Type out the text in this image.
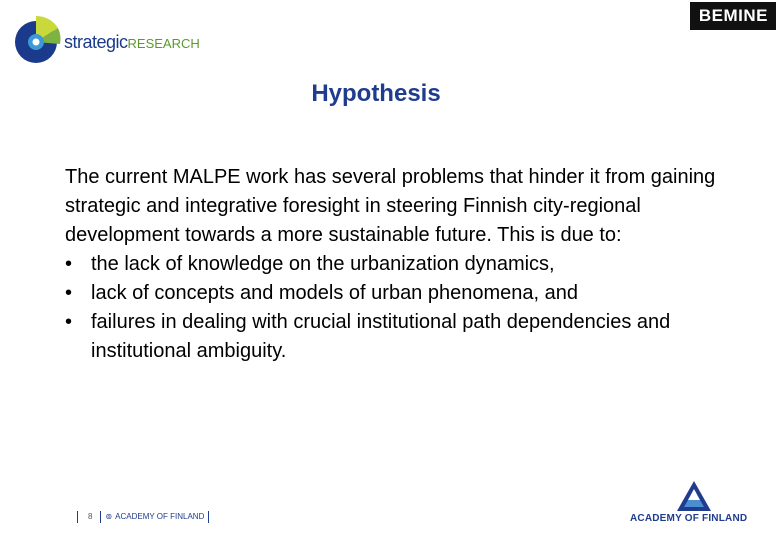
strategicRESEARCH
BEMINE
Hypothesis

The current MALPE work has several problems that hinder it from gaining strategic and integrative foresight in steering Finnish city-regional development towards a more sustainable future. This is due to:

• the lack of knowledge on the urbanization dynamics,
• lack of concepts and models of urban phenomena, and
• failures in dealing with crucial institutional path dependencies and institutional ambiguity.
8	⊚ ACADEMY OF FINLAND	ACADEMY OF FINLAND
